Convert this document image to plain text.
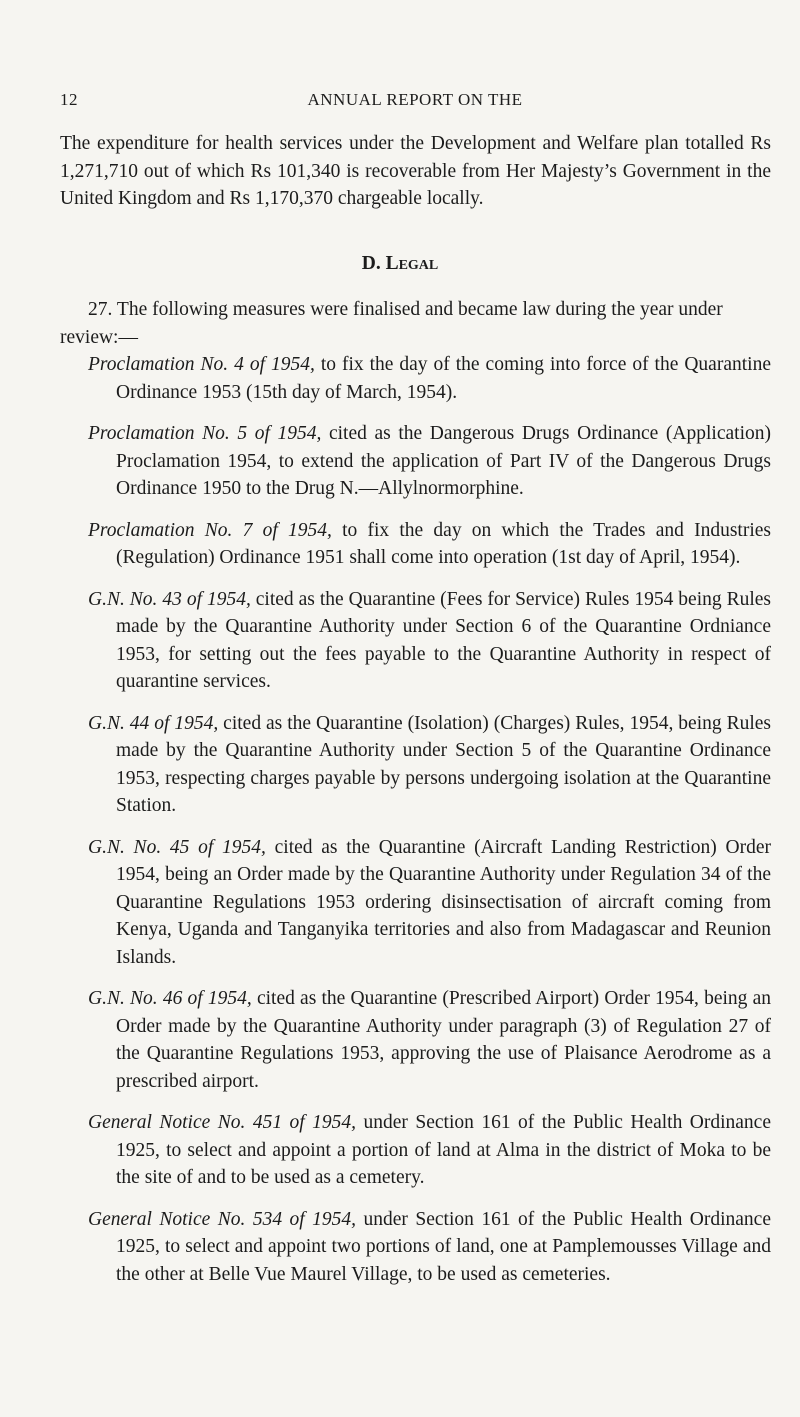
12	ANNUAL REPORT ON THE

The expenditure for health services under the Development and Welfare plan totalled Rs 1,271,710 out of which Rs 101,340 is recoverable from Her Majesty’s Government in the United Kingdom and Rs 1,170,370 chargeable locally.

D. Legal

27. The following measures were finalised and became law during the year under review:—

Proclamation No. 4 of 1954, to fix the day of the coming into force of the Quarantine Ordinance 1953 (15th day of March, 1954).
Proclamation No. 5 of 1954, cited as the Dangerous Drugs Ordinance (Application) Proclamation 1954, to extend the application of Part IV of the Dangerous Drugs Ordinance 1950 to the Drug N.—Allylnormorphine.
Proclamation No. 7 of 1954, to fix the day on which the Trades and Industries (Regulation) Ordinance 1951 shall come into operation (1st day of April, 1954).
G.N. No. 43 of 1954, cited as the Quarantine (Fees for Service) Rules 1954 being Rules made by the Quarantine Authority under Section 6 of the Quarantine Ordniance 1953, for setting out the fees payable to the Quarantine Authority in respect of quarantine services.
G.N. 44 of 1954, cited as the Quarantine (Isolation) (Charges) Rules, 1954, being Rules made by the Quarantine Authority under Section 5 of the Quarantine Ordinance 1953, respecting charges payable by persons undergoing isolation at the Quarantine Station.
G.N. No. 45 of 1954, cited as the Quarantine (Aircraft Landing Restriction) Order 1954, being an Order made by the Quarantine Authority under Regulation 34 of the Quarantine Regulations 1953 ordering disinsectisation of aircraft coming from Kenya, Uganda and Tanganyika territories and also from Madagascar and Reunion Islands.
G.N. No. 46 of 1954, cited as the Quarantine (Prescribed Airport) Order 1954, being an Order made by the Quarantine Authority under paragraph (3) of Regulation 27 of the Quarantine Regulations 1953, approving the use of Plaisance Aerodrome as a prescribed airport.
General Notice No. 451 of 1954, under Section 161 of the Public Health Ordinance 1925, to select and appoint a portion of land at Alma in the district of Moka to be the site of and to be used as a cemetery.
General Notice No. 534 of 1954, under Section 161 of the Public Health Ordinance 1925, to select and appoint two portions of land, one at Pamplemousses Village and the other at Belle Vue Maurel Village, to be used as cemeteries.
